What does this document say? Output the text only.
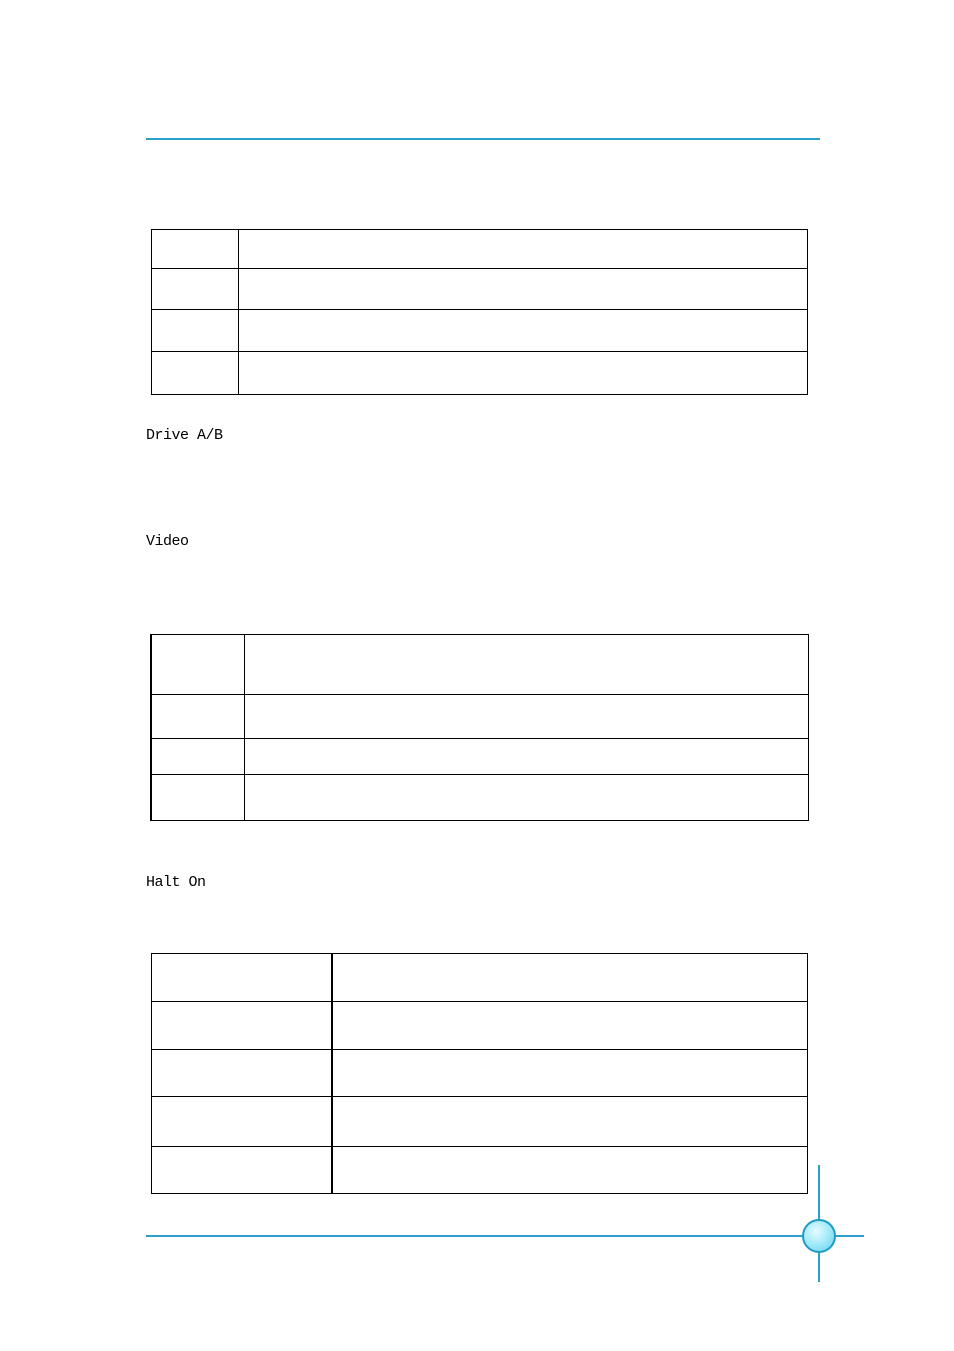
Drive A/B
Video

Halt On
